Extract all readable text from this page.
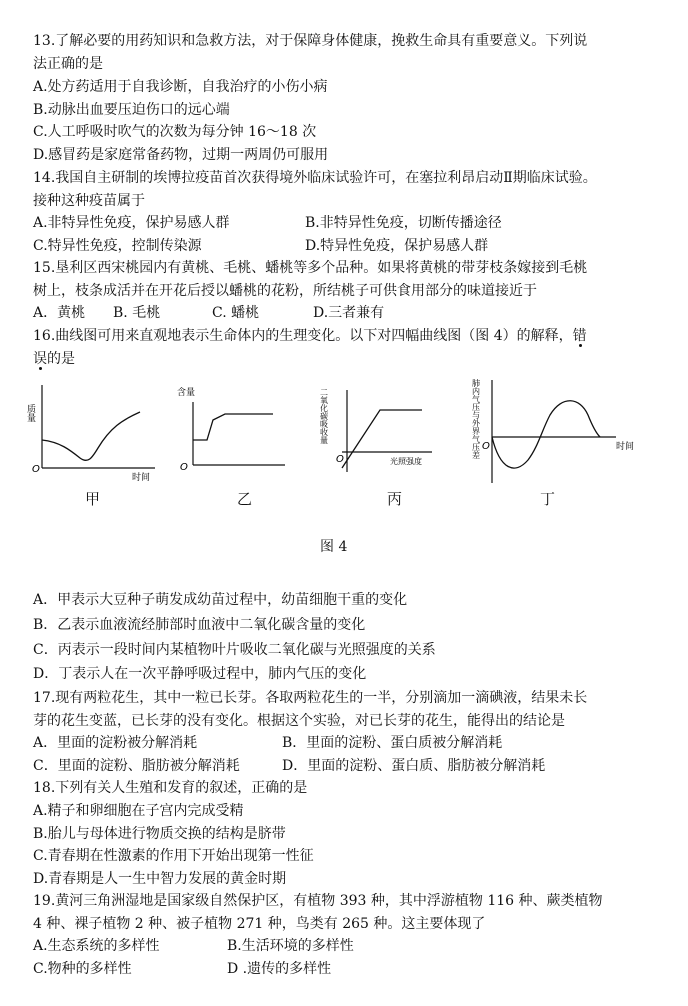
13.了解必要的用药知识和急救方法，对于保障身体健康，挽救生命具有重要意义。下列说
法正确的是
A.处方药适用于自我诊断，自我治疗的小伤小病
B.动脉出血要压迫伤口的远心端
C.人工呼吸时吹气的次数为每分钟 16～18 次
D.感冒药是家庭常备药物，过期一两周仍可服用
14.我国自主研制的埃博拉疫苗首次获得境外临床试验许可，在塞拉利昂启动Ⅱ期临床试验。
接种这种疫苗属于
A.非特异性免疫，保护易感人群	B.非特异性免疫，切断传播途径
C.特异性免疫，控制传染源	D.特异性免疫，保护易感人群
15.垦利区西宋桃园内有黄桃、毛桃、蟠桃等多个品种。如果将黄桃的带芽枝条嫁接到毛桃
树上，枝条成活并在开花后授以蟠桃的花粉，所结桃子可供食用部分的味道接近于
A．黄桃 B. 毛桃	C. 蟠桃	D.三者兼有
16.曲线图可用来直观地表示生命体内的生理变化。以下对四幅曲线图（图 4）的解释，错
误
的是
质量
O
时间
含量
O
二氧化碳吸收量
O	光照强度
肺内气压与外界气压差 O	时间
甲	乙	丙	丁
图 4
A．甲表示大豆种子萌发成幼苗过程中，幼苗细胞干重的变化
B．乙表示血液流经肺部时血液中二氧化碳含量的变化
C．丙表示一段时间内某植物叶片吸收二氧化碳与光照强度的关系
D．丁表示人在一次平静呼吸过程中，肺内气压的变化
17.现有两粒花生，其中一粒已长芽。各取两粒花生的一半，分别滴加一滴碘液，结果未长
芽的花生变蓝，已长芽的没有变化。根据这个实验，对已长芽的花生，能得出的结论是
A．里面的淀粉被分解消耗	B．里面的淀粉、蛋白质被分解消耗
C．里面的淀粉、脂肪被分解消耗	D．里面的淀粉、蛋白质、脂肪被分解消耗
18.下列有关人生殖和发育的叙述，正确的是
A.精子和卵细胞在子宫内完成受精
B.胎儿与母体进行物质交换的结构是脐带
C.青春期在性激素的作用下开始出现第一性征
D.青春期是人一生中智力发展的黄金时期
19.黄河三角洲湿地是国家级自然保护区，有植物 393 种，其中浮游植物 116 种、蕨类植物
4 种、裸子植物 2 种、被子植物 271 种，鸟类有 265 种。这主要体现了
A.生态系统的多样性	B.生活环境的多样性
C.物种的多样性	D .遗传的多样性
